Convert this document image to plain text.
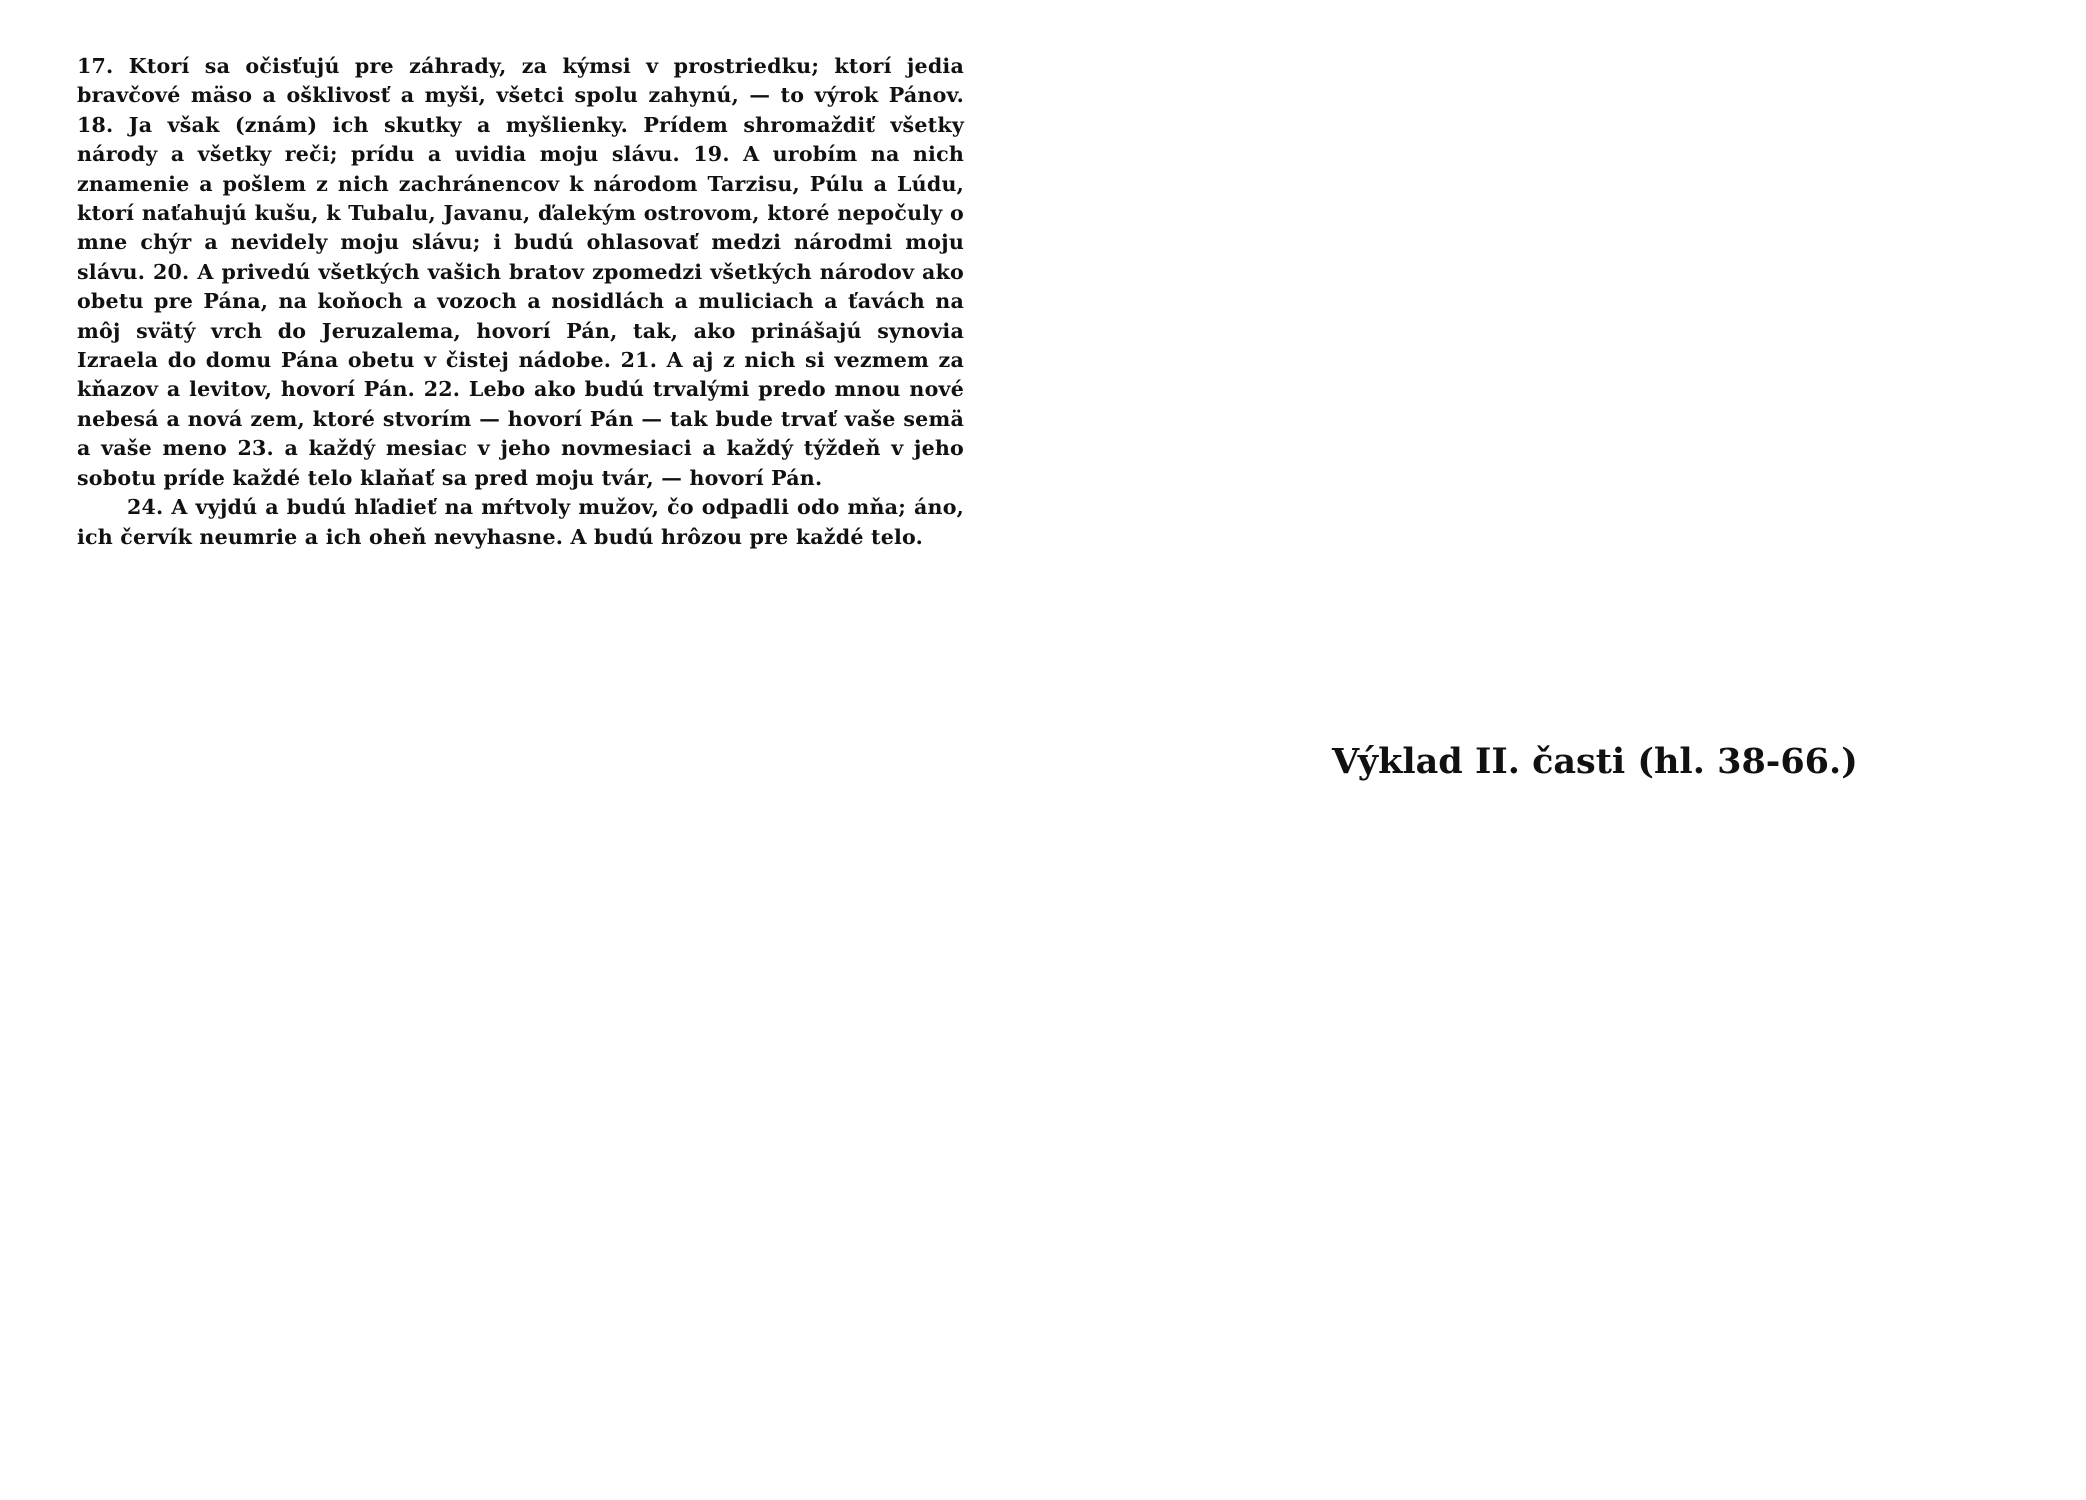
17. Ktorí sa očisťujú pre záhrady, za kýmsi v prostriedku; ktorí jedia bravčové mäso a ošklivosť a myši, všetci spolu zahynú, — to výrok Pánov. 18. Ja však (znám) ich skutky a myšlienky. Prídem shromaždiť všetky národy a všetky reči; prídu a uvidia moju slávu. 19. A urobím na nich znamenie a pošlem z nich zachránencov k národom Tarzisu, Púlu a Lúdu, ktorí naťahujú kušu, k Tubalu, Javanu, ďalekým ostrovom, ktoré nepočuly o mne chýr a nevidely moju slávu; i budú ohlasovať medzi národmi moju slávu. 20. A privedú všetkých vašich bratov zpomedzi všetkých národov ako obetu pre Pána, na koňoch a vozoch a nosidlách a muliciach a ťavách na môj svätý vrch do Jeruzalema, hovorí Pán, tak, ako prinášajú synovia Izraela do domu Pána obetu v čistej nádobe. 21. A aj z nich si vezmem za kňazov a levitov, hovorí Pán. 22. Lebo ako budú trvalými predo mnou nové nebesá a nová zem, ktoré stvorím — hovorí Pán — tak bude trvať vaše semä a vaše meno 23. a každý mesiac v jeho novmesiaci a každý týždeň v jeho sobotu príde každé telo klaňať sa pred moju tvár, — hovorí Pán.

24. A vyjdú a budú hľadieť na mŕtvoly mužov, čo odpadli odo mňa; áno, ich červík neumrie a ich oheň nevyhasne. A budú hrôzou pre každé telo.

Výklad II. časti (hl. 38-66.)
